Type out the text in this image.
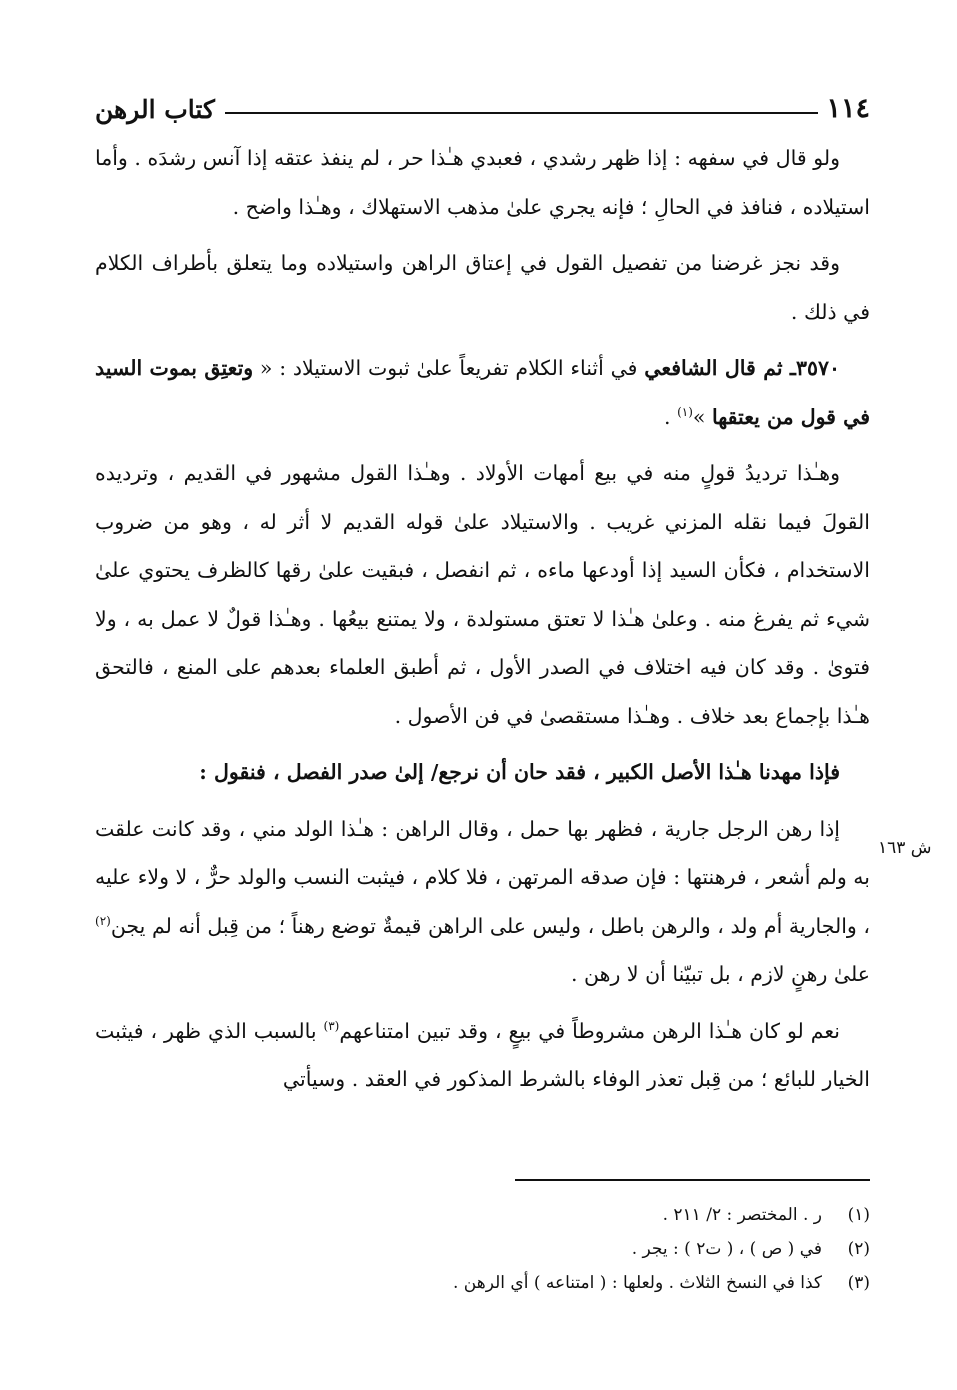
١١٤
كتاب الرهن
ش ١٦٣

ولو قال في سفهه : إذا ظهر رشدي ، فعبدي هـٰذا حر ، لم ينفذ عتقه إذا آنس رشدَه . وأما استيلاده ، فنافذ في الحالِ ؛ فإنه يجري علىٰ مذهب الاستهلاك ، وهـٰذا واضح .

وقد نجز غرضنا من تفصيل القول في إعتاق الراهن واستيلاده وما يتعلق بأطراف الكلام في ذلك .

٣٥٧٠ـ ثم قال الشافعي في أثناء الكلام تفريعاً علىٰ ثبوت الاستيلاد : « وتعتِق بموت السيد في قول من يعتقها »$^{(١)}$ .

وهـٰذا ترديدُ قولٍ منه في بيع أمهات الأولاد . وهـٰذا القول مشهور في القديم ، وترديده القولَ فيما نقله المزني غريب . والاستيلاد علىٰ قوله القديم لا أثر له ، وهو من ضروب الاستخدام ، فكأن السيد إذا أودعها ماءه ، ثم انفصل ، فبقيت علىٰ رقها كالظرف يحتوي علىٰ شيء ثم يفرغ منه . وعلىٰ هـٰذا لا تعتق مستولدة ، ولا يمتنع بيعُها . وهـٰذا قولٌ لا عمل به ، ولا فتوىٰ . وقد كان فيه اختلاف في الصدر الأول ، ثم أطبق العلماء بعدهم على المنع ، فالتحق هـٰذا بإجماع بعد خلاف . وهـٰذا مستقصىٰ في فن الأصول .

فإذا مهدنا هـٰذا الأصل الكبير ، فقد حان أن نرجع/ إلىٰ صدر الفصل ، فنقول :

إذا رهن الرجل جارية ، فظهر بها حمل ، وقال الراهن : هـٰذا الولد مني ، وقد كانت علقت به ولم أشعر ، فرهنتها : فإن صدقه المرتهن ، فلا كلام ، فيثبت النسب والولد حرٌّ ، لا ولاء عليه ، والجارية أم ولد ، والرهن باطل ، وليس على الراهن قيمةٌ توضع رهناً ؛ من قِبل أنه لم يجن$^{(٢)}$ علىٰ رهنٍ لازم ، بل تبيّنا أن لا رهن .

نعم لو كان هـٰذا الرهن مشروطاً في بيعٍ ، وقد تبين امتناعهم$^{(٣)}$ بالسبب الذي ظهر ، فيثبت الخيار للبائع ؛ من قِبل تعذر الوفاء بالشرط المذكور في العقد . وسيأتي

(١)
ر . المختصر : ٢/ ٢١١ .
(٢)
في ( ص ) ، ( ت٢ ) : يجر .
(٣)
كذا في النسخ الثلاث . ولعلها : ( امتناعه ) أي الرهن .
